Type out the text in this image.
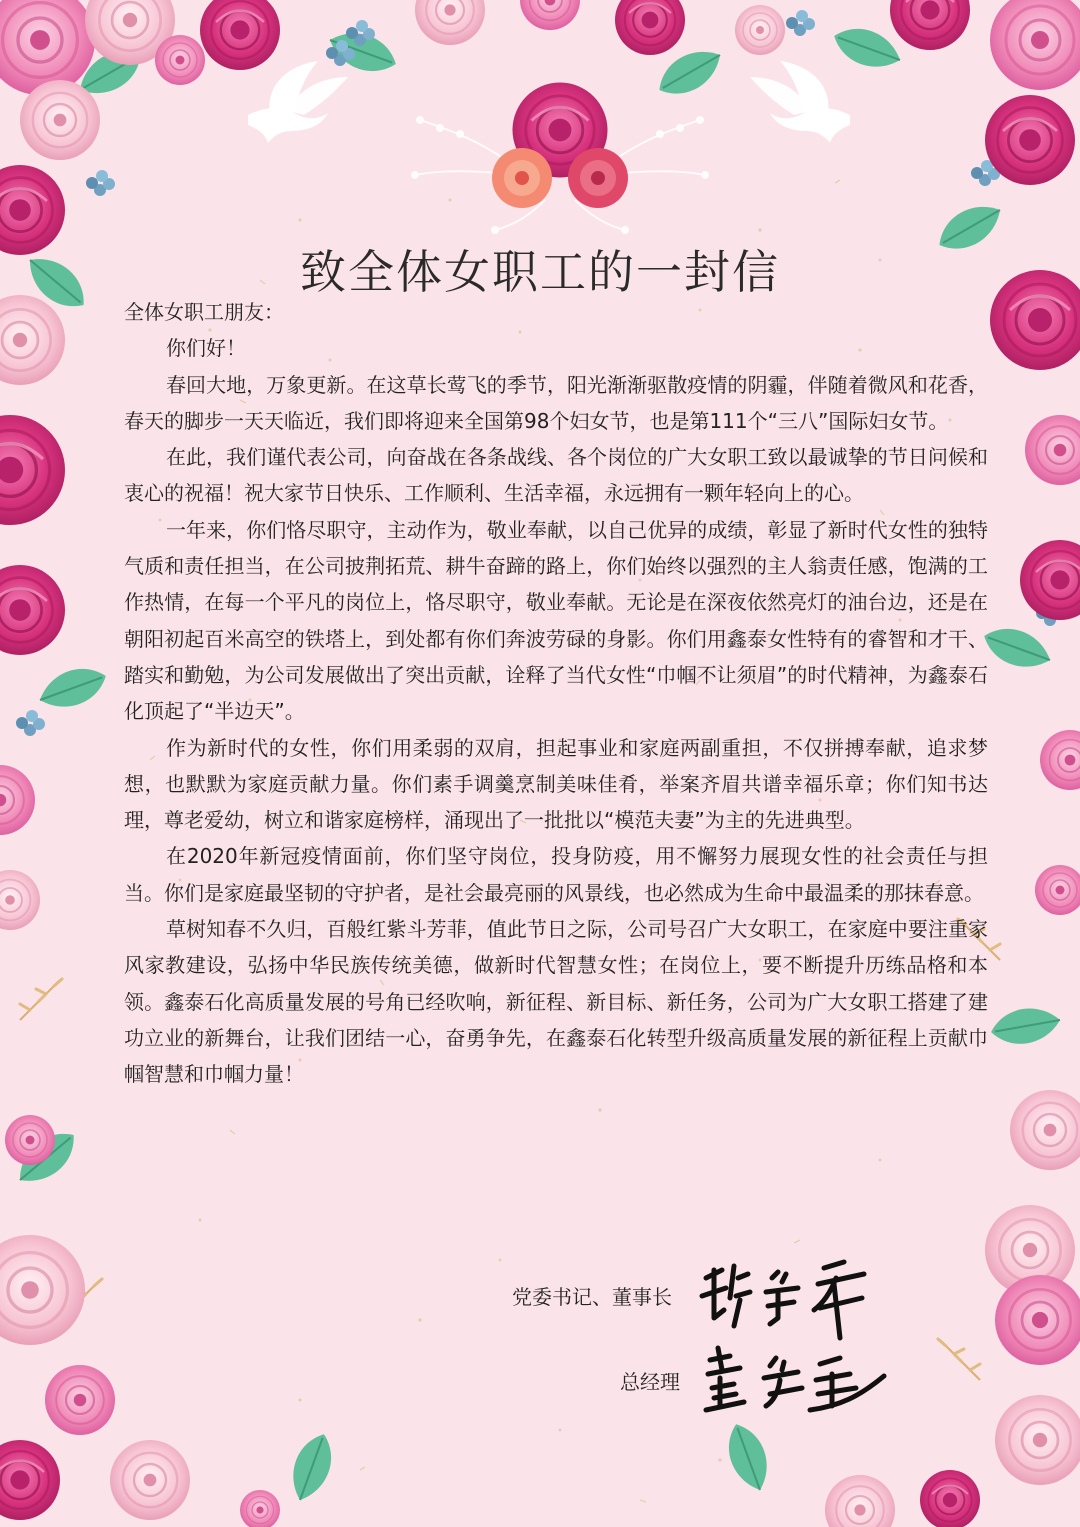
致全体女职工的一封信

全体女职工朋友：

你们好！

春回大地，万象更新。在这草长莺飞的季节，阳光渐渐驱散疫情的阴霾，伴随着微风和花香，春天的脚步一天天临近，我们即将迎来全国第98个妇女节，也是第111个“三八”国际妇女节。

在此，我们谨代表公司，向奋战在各条战线、各个岗位的广大女职工致以最诚挚的节日问候和衷心的祝福！祝大家节日快乐、工作顺利、生活幸福，永远拥有一颗年轻向上的心。

一年来，你们恪尽职守，主动作为，敬业奉献，以自己优异的成绩，彰显了新时代女性的独特气质和责任担当，在公司披荆拓荒、耕牛奋蹄的路上，你们始终以强烈的主人翁责任感，饱满的工作热情，在每一个平凡的岗位上，恪尽职守，敬业奉献。无论是在深夜依然亮灯的油台边，还是在朝阳初起百米高空的铁塔上，到处都有你们奔波劳碌的身影。你们用鑫泰女性特有的睿智和才干、踏实和勤勉，为公司发展做出了突出贡献，诠释了当代女性“巾帼不让须眉”的时代精神，为鑫泰石化顶起了“半边天”。

作为新时代的女性，你们用柔弱的双肩，担起事业和家庭两副重担，不仅拼搏奉献，追求梦想，也默默为家庭贡献力量。你们素手调羹烹制美味佳肴，举案齐眉共谱幸福乐章；你们知书达理，尊老爱幼，树立和谐家庭榜样，涌现出了一批批以“模范夫妻”为主的先进典型。

在2020年新冠疫情面前，你们坚守岗位，投身防疫，用不懈努力展现女性的社会责任与担当。你们是家庭最坚韧的守护者，是社会最亮丽的风景线，也必然成为生命中最温柔的那抹春意。

草树知春不久归，百般红紫斗芳菲，值此节日之际，公司号召广大女职工，在家庭中要注重家风家教建设，弘扬中华民族传统美德，做新时代智慧女性；在岗位上，要不断提升历练品格和本领。鑫泰石化高质量发展的号角已经吹响，新征程、新目标、新任务，公司为广大女职工搭建了建功立业的新舞台，让我们团结一心，奋勇争先，在鑫泰石化转型升级高质量发展的新征程上贡献巾帼智慧和巾帼力量！

党委书记、董事长
总经理
